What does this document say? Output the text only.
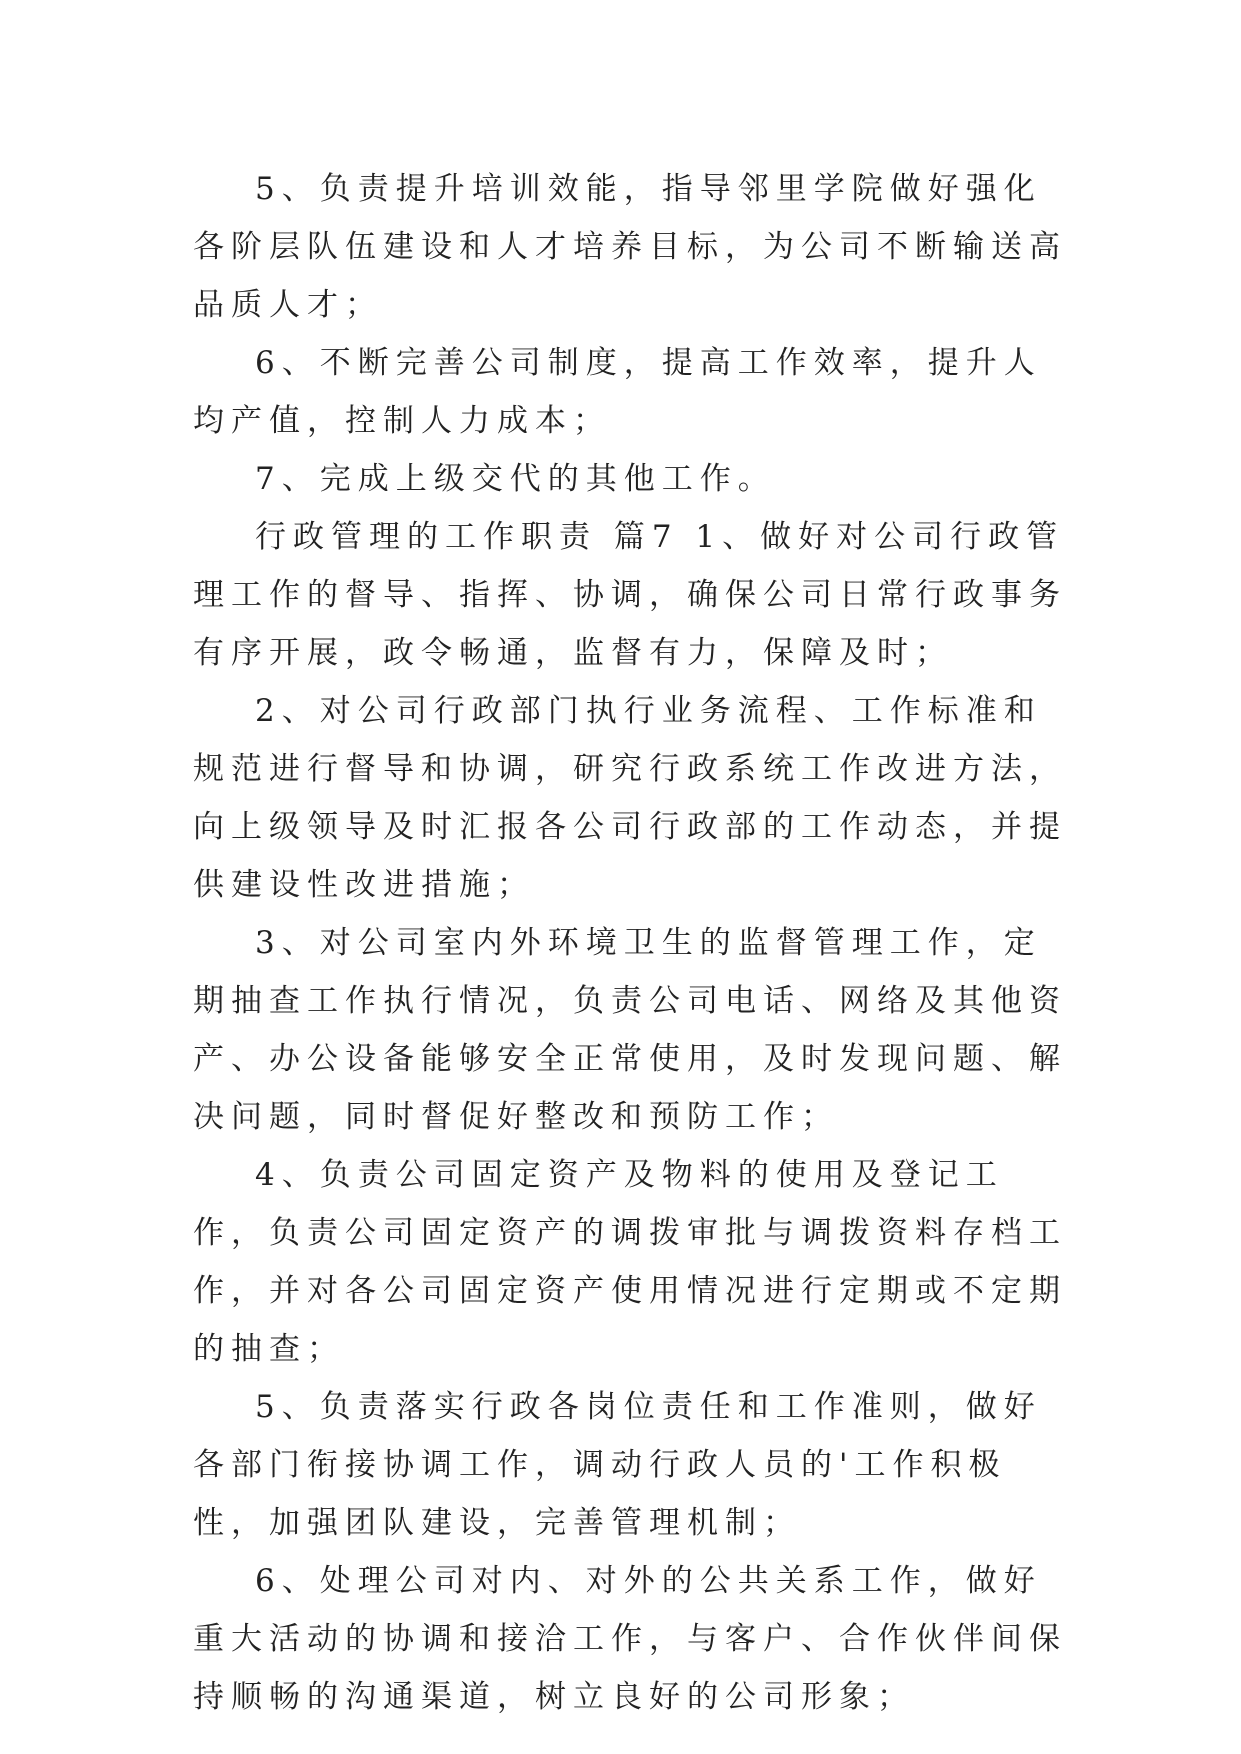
5、负责提升培训效能，指导邻里学院做好强化各阶层队伍建设和人才培养目标，为公司不断输送高品质人才；

6、不断完善公司制度，提高工作效率，提升人均产值，控制人力成本；

7、完成上级交代的其他工作。

行政管理的工作职责 篇7 1、做好对公司行政管理工作的督导、指挥、协调，确保公司日常行政事务有序开展，政令畅通，监督有力，保障及时；

2、对公司行政部门执行业务流程、工作标准和规范进行督导和协调，研究行政系统工作改进方法，向上级领导及时汇报各公司行政部的工作动态，并提供建设性改进措施；

3、对公司室内外环境卫生的监督管理工作，定期抽查工作执行情况，负责公司电话、网络及其他资产、办公设备能够安全正常使用，及时发现问题、解决问题，同时督促好整改和预防工作；

4、负责公司固定资产及物料的使用及登记工作，负责公司固定资产的调拨审批与调拨资料存档工作，并对各公司固定资产使用情况进行定期或不定期的抽查；

5、负责落实行政各岗位责任和工作准则，做好各部门衔接协调工作，调动行政人员的'工作积极性，加强团队建设，完善管理机制；

6、处理公司对内、对外的公共关系工作，做好重大活动的协调和接洽工作，与客户、合作伙伴间保持顺畅的沟通渠道，树立良好的公司形象；
